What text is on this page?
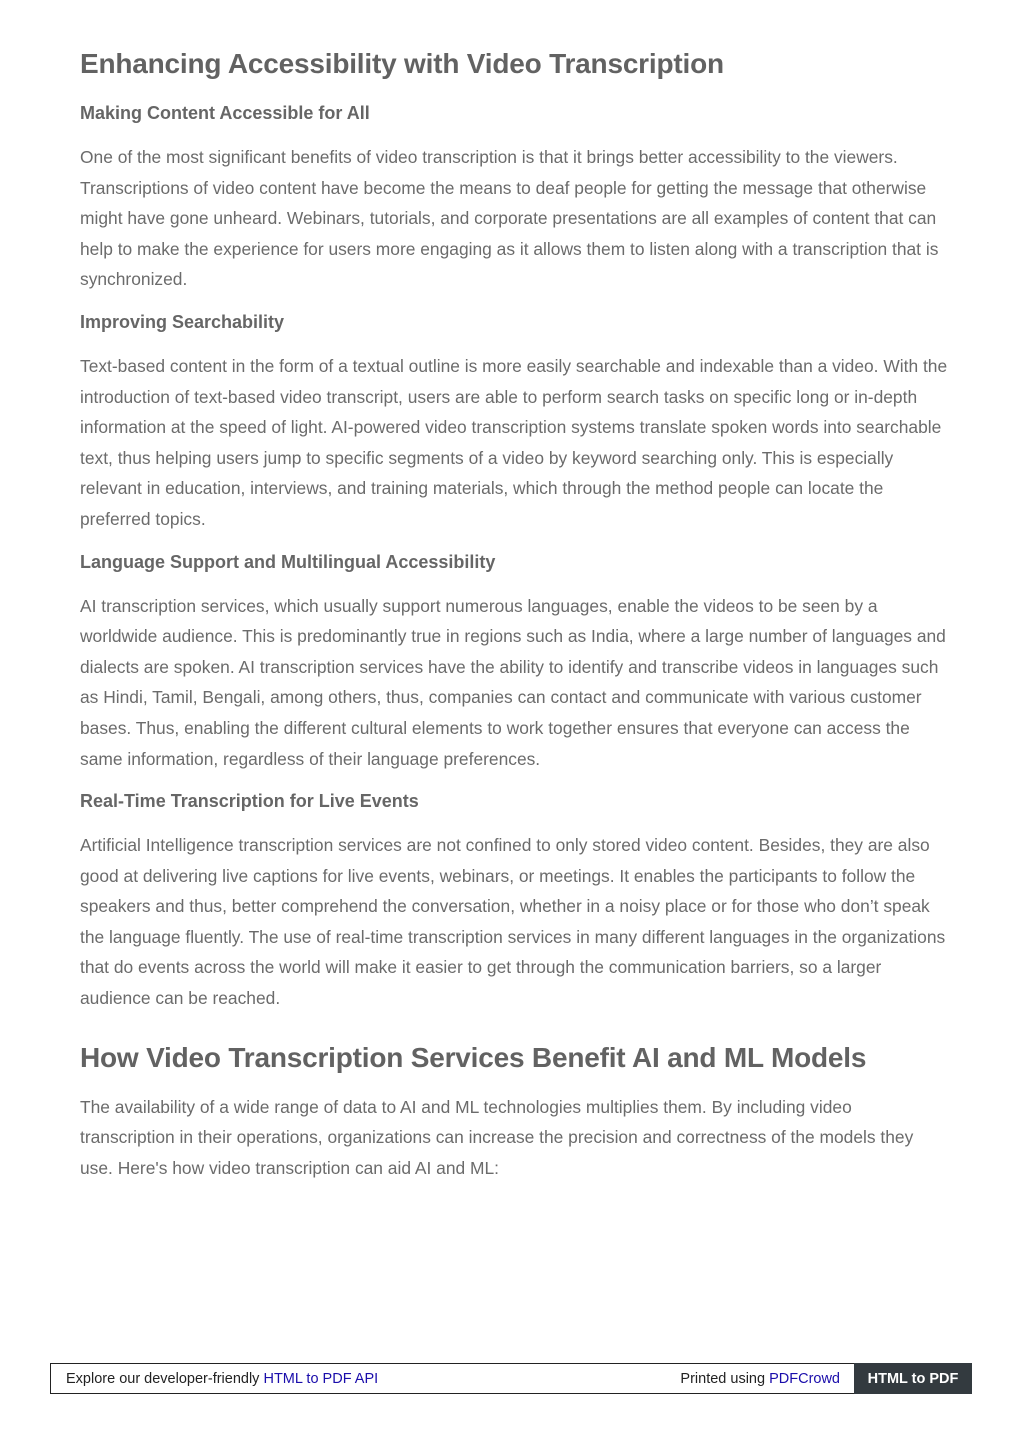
Enhancing Accessibility with Video Transcription
Making Content Accessible for All

One of the most significant benefits of video transcription is that it brings better accessibility to the viewers. Transcriptions of video content have become the means to deaf people for getting the message that otherwise might have gone unheard. Webinars, tutorials, and corporate presentations are all examples of content that can help to make the experience for users more engaging as it allows them to listen along with a transcription that is synchronized.

Improving Searchability

Text-based content in the form of a textual outline is more easily searchable and indexable than a video. With the introduction of text-based video transcript, users are able to perform search tasks on specific long or in-depth information at the speed of light. AI-powered video transcription systems translate spoken words into searchable text, thus helping users jump to specific segments of a video by keyword searching only. This is especially relevant in education, interviews, and training materials, which through the method people can locate the preferred topics.

Language Support and Multilingual Accessibility

AI transcription services, which usually support numerous languages, enable the videos to be seen by a worldwide audience. This is predominantly true in regions such as India, where a large number of languages and dialects are spoken. AI transcription services have the ability to identify and transcribe videos in languages such as Hindi, Tamil, Bengali, among others, thus, companies can contact and communicate with various customer bases. Thus, enabling the different cultural elements to work together ensures that everyone can access the same information, regardless of their language preferences.

Real-Time Transcription for Live Events

Artificial Intelligence transcription services are not confined to only stored video content. Besides, they are also good at delivering live captions for live events, webinars, or meetings. It enables the participants to follow the speakers and thus, better comprehend the conversation, whether in a noisy place or for those who don’t speak the language fluently. The use of real-time transcription services in many different languages in the organizations that do events across the world will make it easier to get through the communication barriers, so a larger audience can be reached.

How Video Transcription Services Benefit AI and ML Models

The availability of a wide range of data to AI and ML technologies multiplies them. By including video transcription in their operations, organizations can increase the precision and correctness of the models they use. Here's how video transcription can aid AI and ML:

Explore our developer-friendly HTML to PDF API	Printed using PDFCrowd	HTML to PDF
